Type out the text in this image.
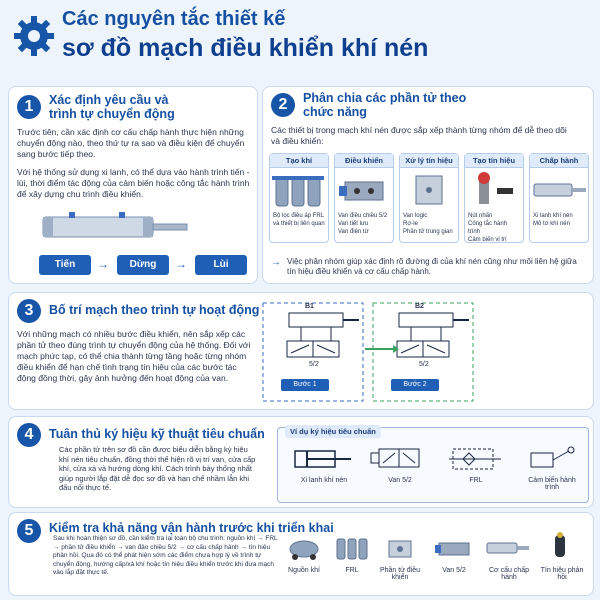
Các nguyên tắc thiết kế
sơ đồ mạch điều khiển khí nén
1	Xác định yêu cầu và trình tự chuyển động
Trước tiên, cần xác định cơ cấu chấp hành thực hiện những chuyển động nào, theo thứ tự ra sao và điều kiện để chuyển sang bước tiếp theo.
Với hệ thống sử dụng xi lanh, có thể dựa vào hành trình tiến - lùi, thời điểm tác động của cảm biến hoặc công tắc hành trình để xây dựng chu trình điều khiển.
Tiến	→	Dừng	→	Lùi
2	Phân chia các phần tử theo chức năng
Các thiết bị trong mạch khí nén được sắp xếp thành từng nhóm để dễ theo dõi và điều khiển:
Tạo khí
Bộ lọc điều áp FRL
và thiết bị liên quan
Điều khiển
Van điều chiều 5/2
Van tiết lưu
Van điện từ
Xử lý tín hiệu
Van logic
Rơ-le
Phần tử trung gian
Tạo tín hiệu
Nút nhấn
Công tắc hành trình
Cảm biến vị trí
Chấp hành
Xi lanh khí nén
Mô tơ khí nén
→ Việc phân nhóm giúp xác định rõ đường đi của khí nén cũng như mối liên hệ giữa tín hiệu điều khiển và cơ cấu chấp hành.
3	Bố trí mạch theo trình tự hoạt động
Với những mạch có nhiều bước điều khiển, nên sắp xếp các phần tử theo đúng trình tự chuyển động của hệ thống. Đối với mạch phức tạp, có thể chia thành từng tầng hoặc từng nhóm điều khiển để hạn chế tình trạng tín hiệu của các bước tác động đồng thời, gây ảnh hưởng đến hoạt động của van.
B1	B2
5/2	5/2
Bước 1	Bước 2
4	Tuân thủ ký hiệu kỹ thuật tiêu chuẩn
Các phần tử trên sơ đồ cần được biểu diễn bằng ký hiệu khí nén tiêu chuẩn, đồng thời thể hiện rõ vị trí van, cửa cấp khí, cửa xả và hướng dòng khí. Cách trình bày thống nhất giúp người lắp đặt dễ đọc sơ đồ và hạn chế nhầm lẫn khi đấu nối thực tế.
Ví dụ ký hiệu tiêu chuẩn
Xi lanh khí nén	Van 5/2	FRL	Cảm biến hành trình
5	Kiểm tra khả năng vận hành trước khi triển khai
Sau khi hoàn thiện sơ đồ, cần kiểm tra lại toàn bộ chu trình: nguồn khí → FRL → phần tử điều khiển → van đảo chiều 5/2 → cơ cấu chấp hành → tín hiệu phản hồi. Qua đó có thể phát hiện sớm các điểm chưa hợp lý về trình tự chuyển động, hướng cấp/xả khí hoặc tín hiệu điều khiển trước khi đưa mạch vào lắp đặt thực tế.	Nguồn khí	FRL	Phần tử điều khiển
Van 5/2	Cơ cấu chấp hành
Tín hiệu phản hồi
